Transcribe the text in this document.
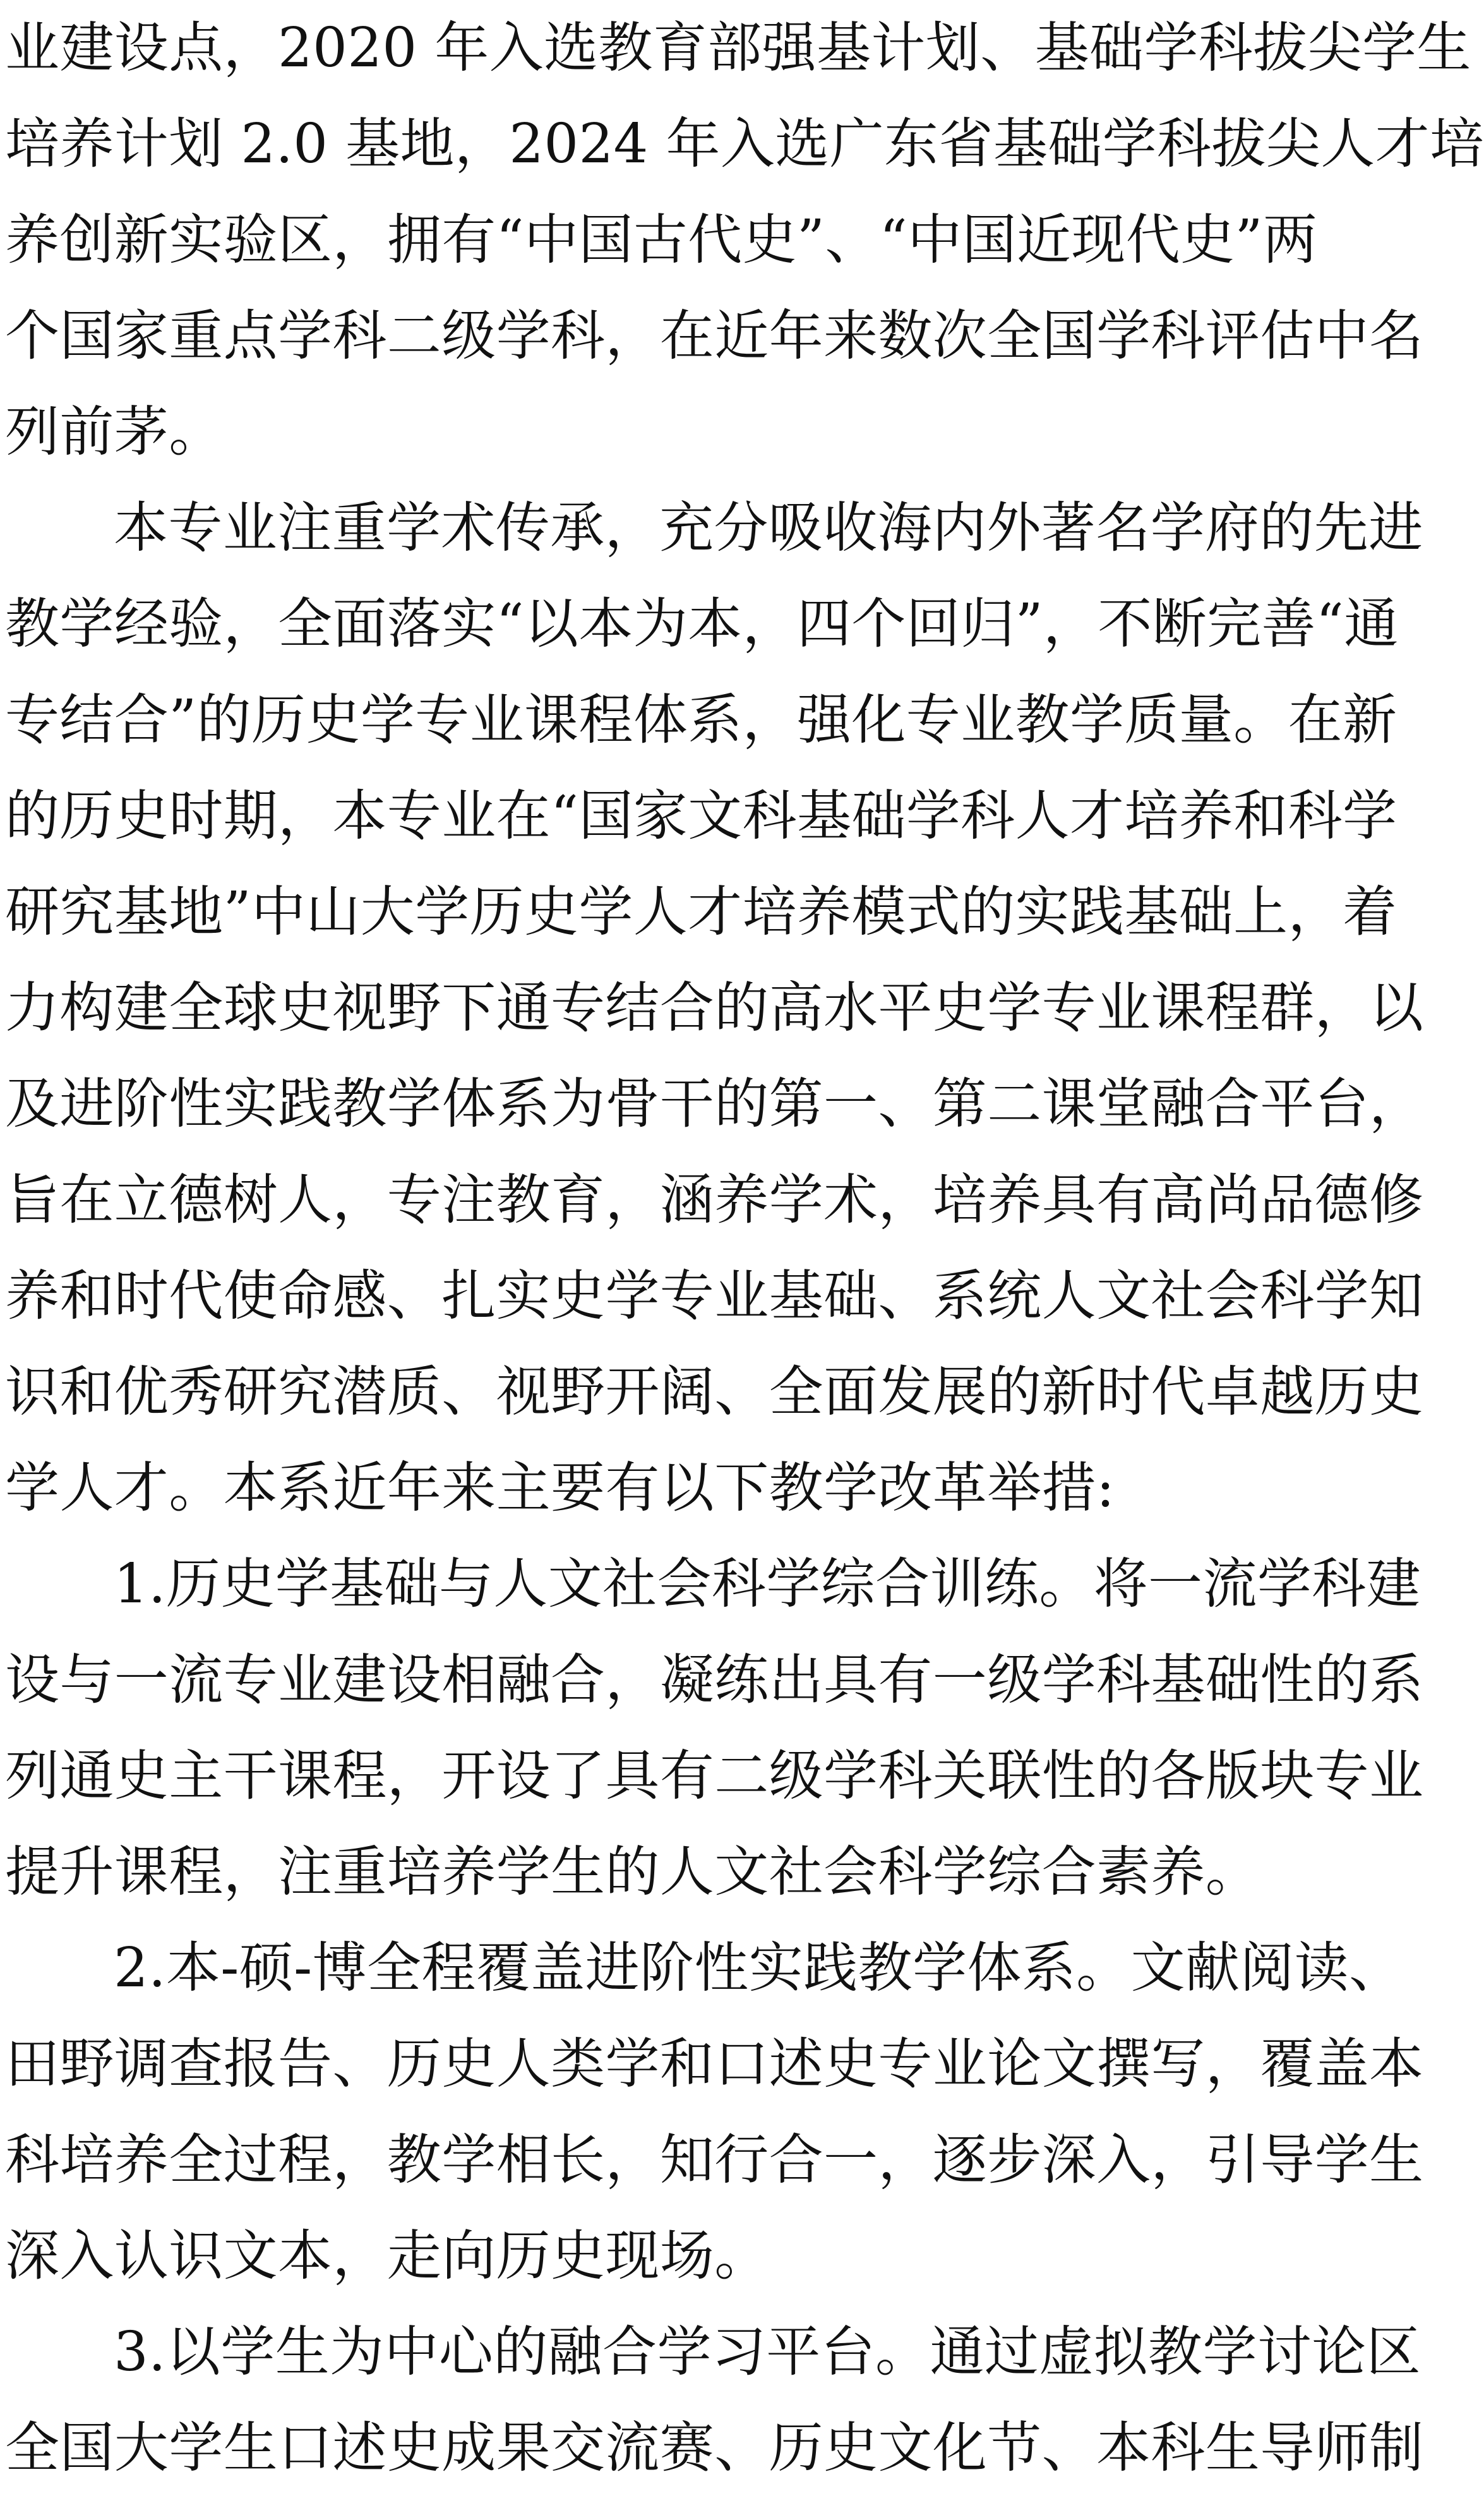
业建设点，2020 年入选教育部强基计划、基础学科拔尖学生
培养计划 2.0 基地，2024 年入选广东省基础学科拔尖人才培
养创新实验区，拥有“中国古代史”、“中国近现代史”两
个国家重点学科二级学科，在近年来数次全国学科评估中名
列前茅。
本专业注重学术传承，充分吸收海内外著名学府的先进
教学经验，全面落实“以本为本，四个回归”，不断完善“通
专结合”的历史学专业课程体系，强化专业教学质量。在新
的历史时期，本专业在“国家文科基础学科人才培养和科学
研究基地”中山大学历史学人才培养模式的实践基础上，着
力构建全球史视野下通专结合的高水平史学专业课程群，以
及进阶性实践教学体系为骨干的第一、第二课堂融合平台，
旨在立德树人，专注教育，涵养学术，培养具有高尚品德修
养和时代使命感、扎实史学专业基础、系统人文社会科学知
识和优秀研究潜质、视野开阔、全面发展的新时代卓越历史
学人才。本系近年来主要有以下教学改革举措:
1.历史学基础与人文社会科学综合训练。将一流学科建
设与一流专业建设相融合，凝练出具有一级学科基础性的系
列通史主干课程，开设了具有二级学科关联性的各版块专业
提升课程，注重培养学生的人文社会科学综合素养。
2.本-硕-博全程覆盖进阶性实践教学体系。文献阅读、
田野调查报告、历史人类学和口述史专业论文撰写，覆盖本
科培养全过程，教学相长，知行合一，逐步深入，引导学生
深入认识文本，走向历史现场。
3.以学生为中心的融合学习平台。通过虚拟教学讨论区
全国大学生口述史成果交流赛、历史文化节、本科生导师制
